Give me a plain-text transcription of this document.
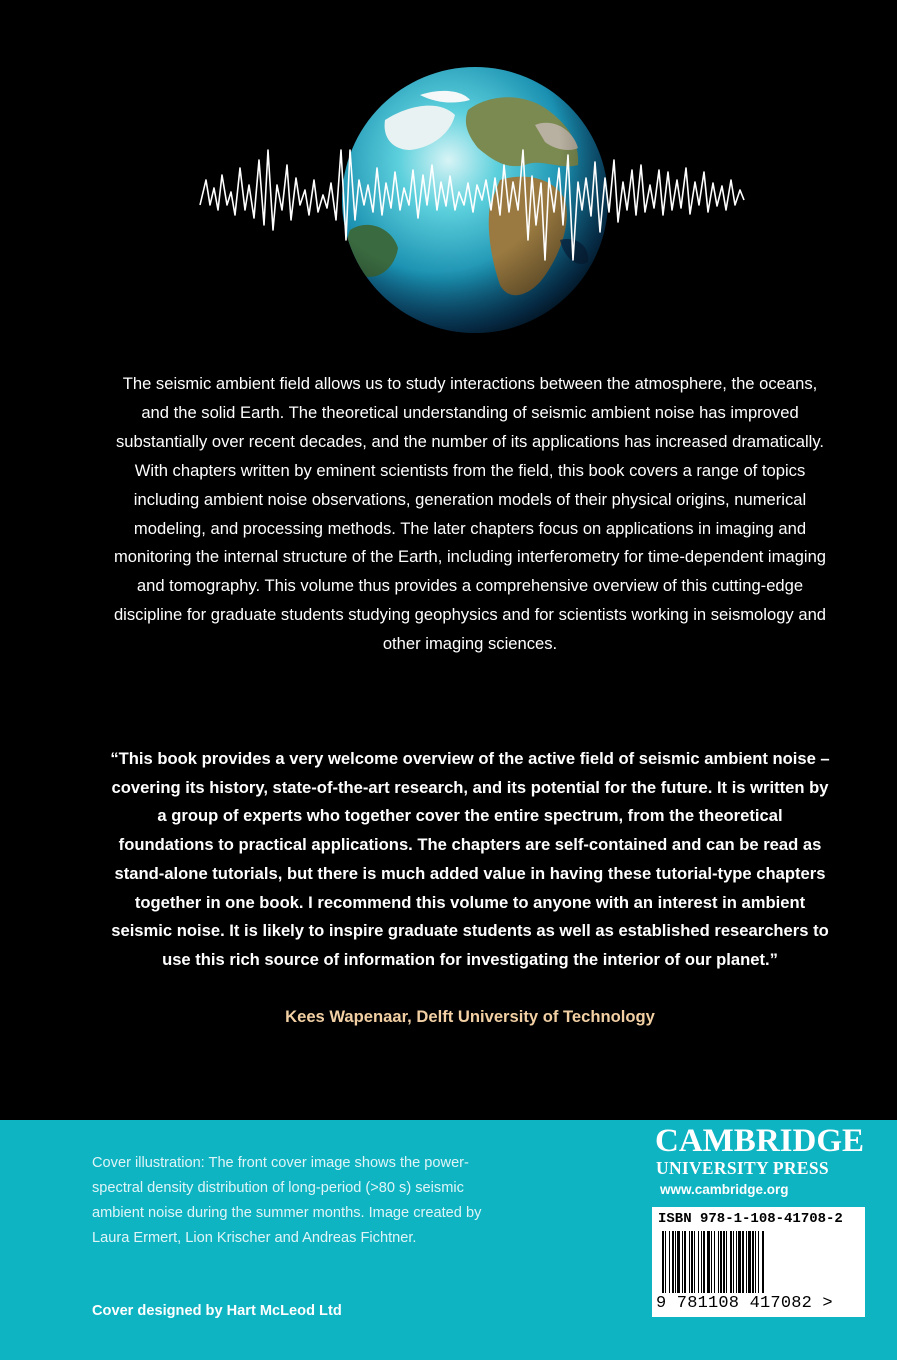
The seismic ambient field allows us to study interactions between the atmosphere, the oceans, and the solid Earth. The theoretical understanding of seismic ambient noise has improved substantially over recent decades, and the number of its applications has increased dramatically. With chapters written by eminent scientists from the field, this book covers a range of topics including ambient noise observations, generation models of their physical origins, numerical modeling, and processing methods. The later chapters focus on applications in imaging and monitoring the internal structure of the Earth, including interferometry for time-dependent imaging and tomography. This volume thus provides a comprehensive overview of this cutting-edge discipline for graduate students studying geophysics and for scientists working in seismology and other imaging sciences.

“This book provides a very welcome overview of the active field of seismic ambient noise – covering its history, state-of-the-art research, and its potential for the future. It is written by a group of experts who together cover the entire spectrum, from the theoretical foundations to practical applications. The chapters are self-contained and can be read as stand-alone tutorials, but there is much added value in having these tutorial-type chapters together in one book. I recommend this volume to anyone with an interest in ambient seismic noise. It is likely to inspire graduate students as well as established researchers to use this rich source of information for investigating the interior of our planet.”

Kees Wapenaar, Delft University of Technology

Cover illustration: The front cover image shows the power-spectral density distribution of long-period (>80 s) seismic ambient noise during the summer months. Image created by Laura Ermert, Lion Krischer and Andreas Fichtner.

Cover designed by Hart McLeod Ltd

CAMBRIDGE
UNIVERSITY PRESS
www.cambridge.org
ISBN 978-1-108-41708-2
9 781108 417082 >
